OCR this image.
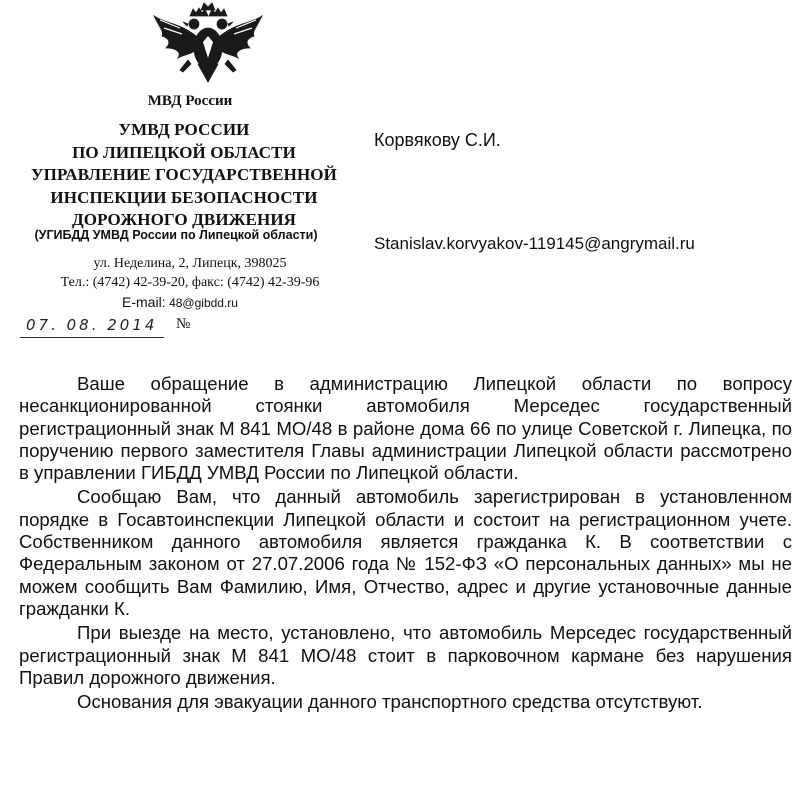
МВД России
УМВД РОССИИ
ПО ЛИПЕЦКОЙ ОБЛАСТИ
УПРАВЛЕНИЕ ГОСУДАРСТВЕННОЙ
ИНСПЕКЦИИ БЕЗОПАСНОСТИ
ДОРОЖНОГО ДВИЖЕНИЯ
(УГИБДД УМВД России по Липецкой области)
ул. Неделина, 2, Липецк, 398025
Тел.: (4742) 42-39-20, факс: (4742) 42-39-96
E-mail: 48@gibdd.ru
07. 08. 2014 №
Корвякову С.И.
Stanislav.korvyakov-119145@angrymail.ru

Ваше обращение в администрацию Липецкой области по вопросу несанкционированной стоянки автомобиля Мерседес государственный регистрационный знак М 841 МО/48 в районе дома 66 по улице Советской г. Липецка, по поручению первого заместителя Главы администрации Липецкой области рассмотрено в управлении ГИБДД УМВД России по Липецкой области.

Сообщаю Вам, что данный автомобиль зарегистрирован в установленном порядке в Госавтоинспекции Липецкой области и состоит на регистрационном учете. Собственником данного автомобиля является гражданка К. В соответствии с Федеральным законом от 27.07.2006 года № 152-ФЗ «О персональных данных» мы не можем сообщить Вам Фамилию, Имя, Отчество, адрес и другие установочные данные гражданки К.

При выезде на место, установлено, что автомобиль Мерседес государственный регистрационный знак М 841 МО/48 стоит в парковочном кармане без нарушения Правил дорожного движения.

Основания для эвакуации данного транспортного средства отсутствуют.
